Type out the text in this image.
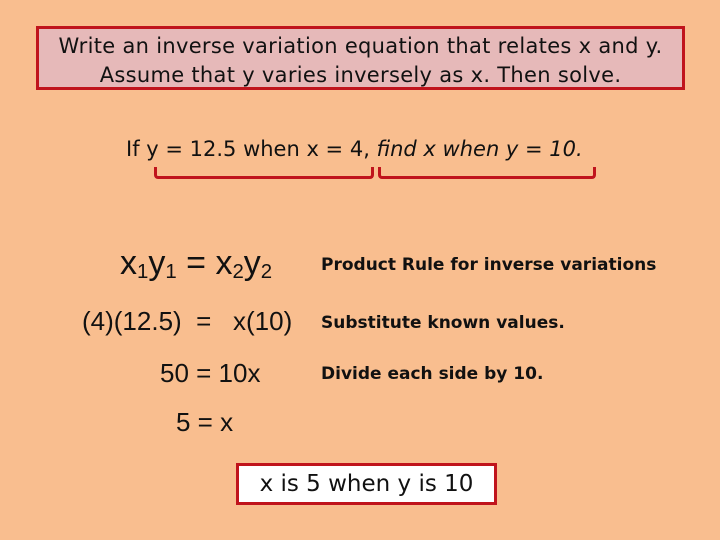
Write an inverse variation equation that relates x and y.
Assume that y varies inversely as x. Then solve.
If y = 12.5 when x = 4, find x when y = 10.
$x_1y_1 = x_2y_2$	Product Rule for inverse variations
(4)(12.5)  =   x(10) Substitute known values.
50 = 10x	Divide each side by 10.
5 = x
x is 5 when y is 10
